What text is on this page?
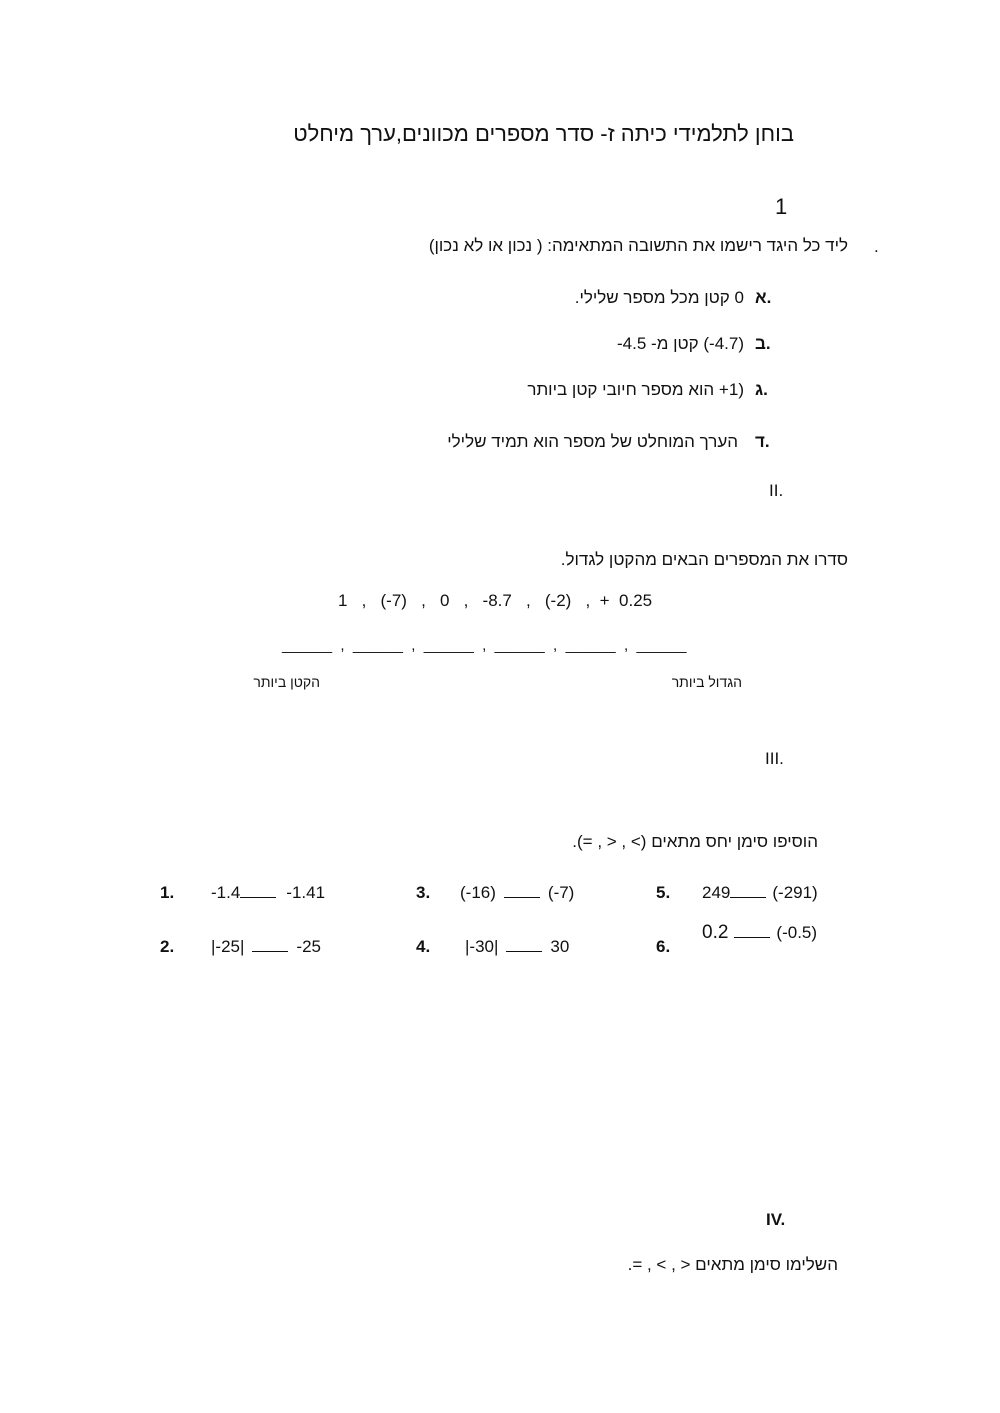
בוחן לתלמידי כיתה ז- סדר מספרים מכוונים,ערך מיחלט
1
.
ליד כל היגד רישמו את התשובה המתאימה: ( נכון או לא נכון)
א.
0 קטן מכל מספר שלילי.
ב.
(4.7-) קטן מ- 4.5-
ג.
(1+ הוא מספר חיובי קטן ביותר
ד.
הערך המוחלט של מספר הוא תמיד שלילי
II.
סדרו את המספרים הבאים מהקטן לגדול.
1   ,   (-7)   ,   0   ,   -8.7   ,   (-2)   ,  +  0.25
______  ,  ______  ,  ______  ,  ______  ,  ______  ,  ______
הגדול ביותר
הקטן ביותר
III.
הוסיפו סימן יחס מתאים (> , < , =).
1. -1.4	-1.41
2. |-25|	-25
3. (-16)	(-7)
4. |-30|	30
5. 249 (-291)
6.
0.2	(-0.5)
IV.
השלימו סימן מתאים < , > , =.
